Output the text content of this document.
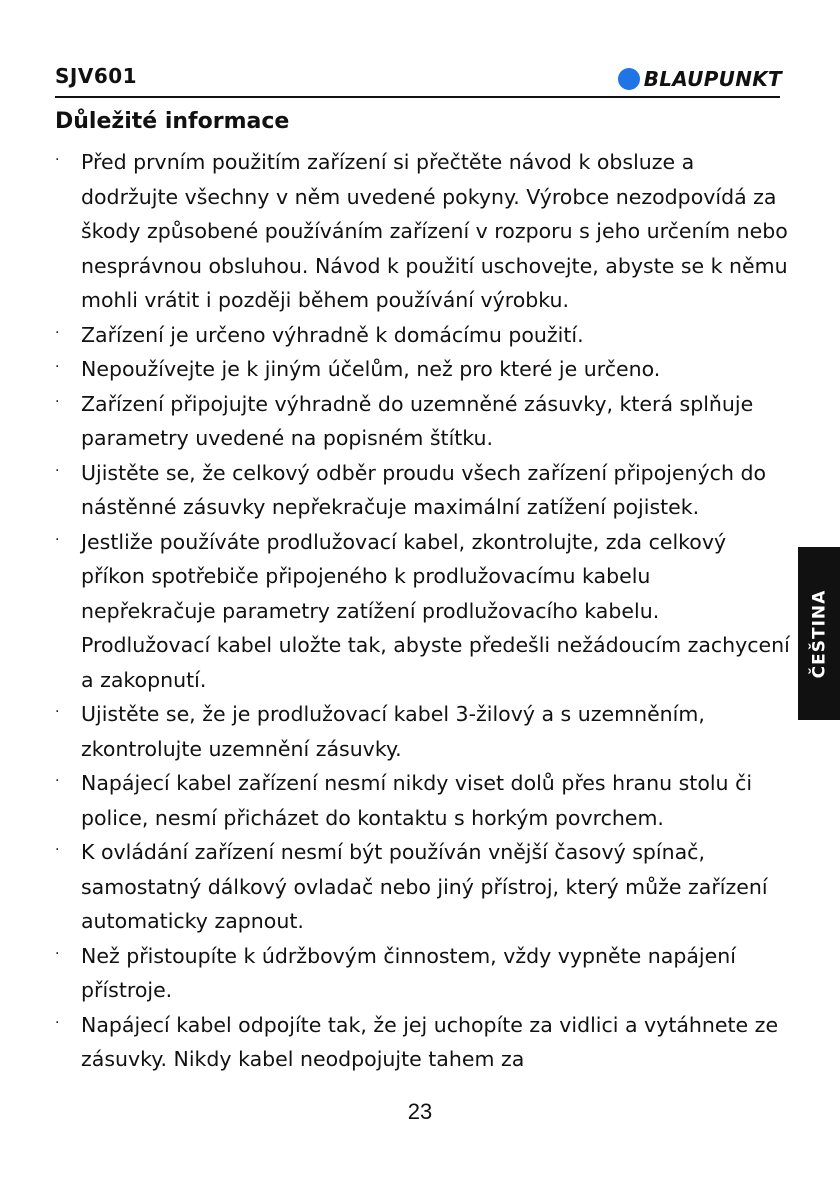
SJV601	BLAUPUNKT
Důležité informace
· Před prvním použitím zařízení si přečtěte návod k obsluze a dodržujte všechny v něm uvedené pokyny. Výrobce nezodpovídá za škody způsobené používáním zařízení v rozporu s jeho určením nebo nesprávnou obsluhou. Návod k použití uschovejte, abyste se k němu mohli vrátit i později během používání výrobku.
· Zařízení je určeno výhradně k domácímu použití.
· Nepoužívejte je k jiným účelům, než pro které je určeno.
· Zařízení připojujte výhradně do uzemněné zásuvky, která splňuje parametry uvedené na popisném štítku.
· Ujistěte se, že celkový odběr proudu všech zařízení připojených do nástěnné zásuvky nepřekračuje maximální zatížení pojistek.
· Jestliže používáte prodlužovací kabel, zkontrolujte, zda celkový příkon spotřebiče připojeného k prodlužovacímu kabelu nepřekračuje parametry zatížení prodlužovacího kabelu. Prodlužovací kabel uložte tak, abyste předešli nežádoucím zachycení a zakopnutí.
· Ujistěte se, že je prodlužovací kabel 3-žilový a s uzemněním, zkontrolujte uzemnění zásuvky.
· Napájecí kabel zařízení nesmí nikdy viset dolů přes hranu stolu či police, nesmí přicházet do kontaktu s horkým povrchem.
· K ovládání zařízení nesmí být používán vnější časový spínač, samostatný dálkový ovladač nebo jiný přístroj, který může zařízení automaticky zapnout.
· Než přistoupíte k údržbovým činnostem, vždy vypněte napájení přístroje.
· Napájecí kabel odpojíte tak, že jej uchopíte za vidlici a vytáhnete ze zásuvky. Nikdy kabel neodpojujte tahem za
ČEŠTINA
23
